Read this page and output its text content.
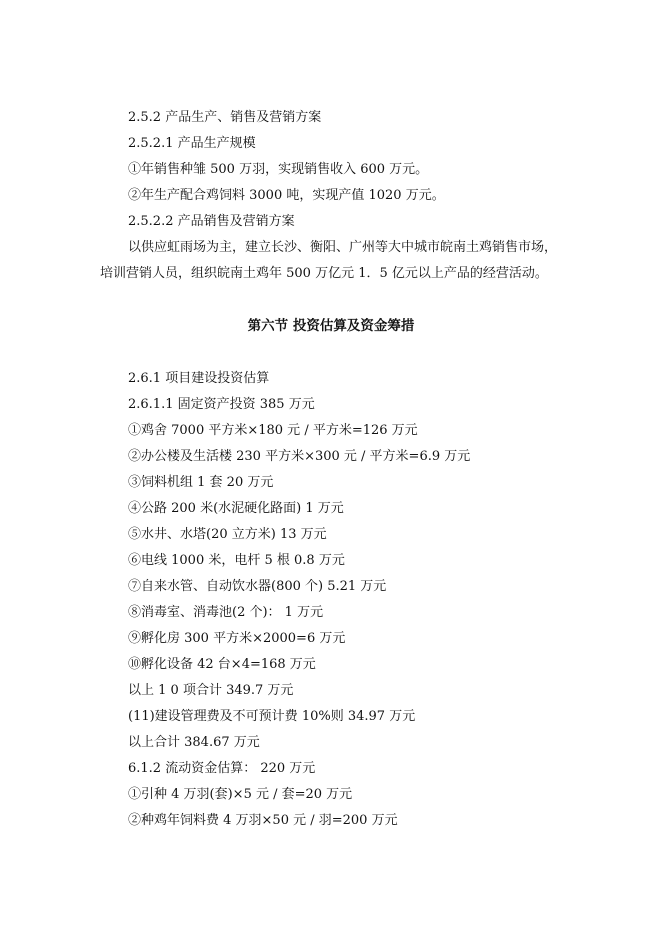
2.5.2 产品生产、销售及营销方案
2.5.2.1 产品生产规模
①年销售种雏 500 万羽，实现销售收入 600 万元。
②年生产配合鸡饲料 3000 吨，实现产值 1020 万元。
2.5.2.2 产品销售及营销方案
以供应虹雨场为主，建立长沙、衡阳、广州等大中城市皖南土鸡销售市场，
培训营销人员，组织皖南土鸡年 500 万亿元 1．5 亿元以上产品的经营活动。
第六节 投资估算及资金筹措
2.6.1 项目建设投资估算
2.6.1.1 固定资产投资 385 万元
①鸡舍 7000 平方米×180 元 / 平方米=126 万元
②办公楼及生活楼 230 平方米×300 元 / 平方米=6.9 万元
③饲料机组 1 套 20 万元
④公路 200 米(水泥硬化路面) 1 万元
⑤水井、水塔(20 立方米) 13 万元
⑥电线 1000 米，电杆 5 根 0.8 万元
⑦自来水管、自动饮水器(800 个) 5.21 万元
⑧消毒室、消毒池(2 个)： 1 万元
⑨孵化房 300 平方米×2000=6 万元
⑩孵化设备 42 台×4=168 万元
以上 1 0 项合计 349.7 万元
(11)建设管理费及不可预计费 10%则 34.97 万元
以上合计 384.67 万元
6.1.2 流动资金估算： 220 万元
①引种 4 万羽(套)×5 元 / 套=20 万元
②种鸡年饲料费 4 万羽×50 元 / 羽=200 万元
